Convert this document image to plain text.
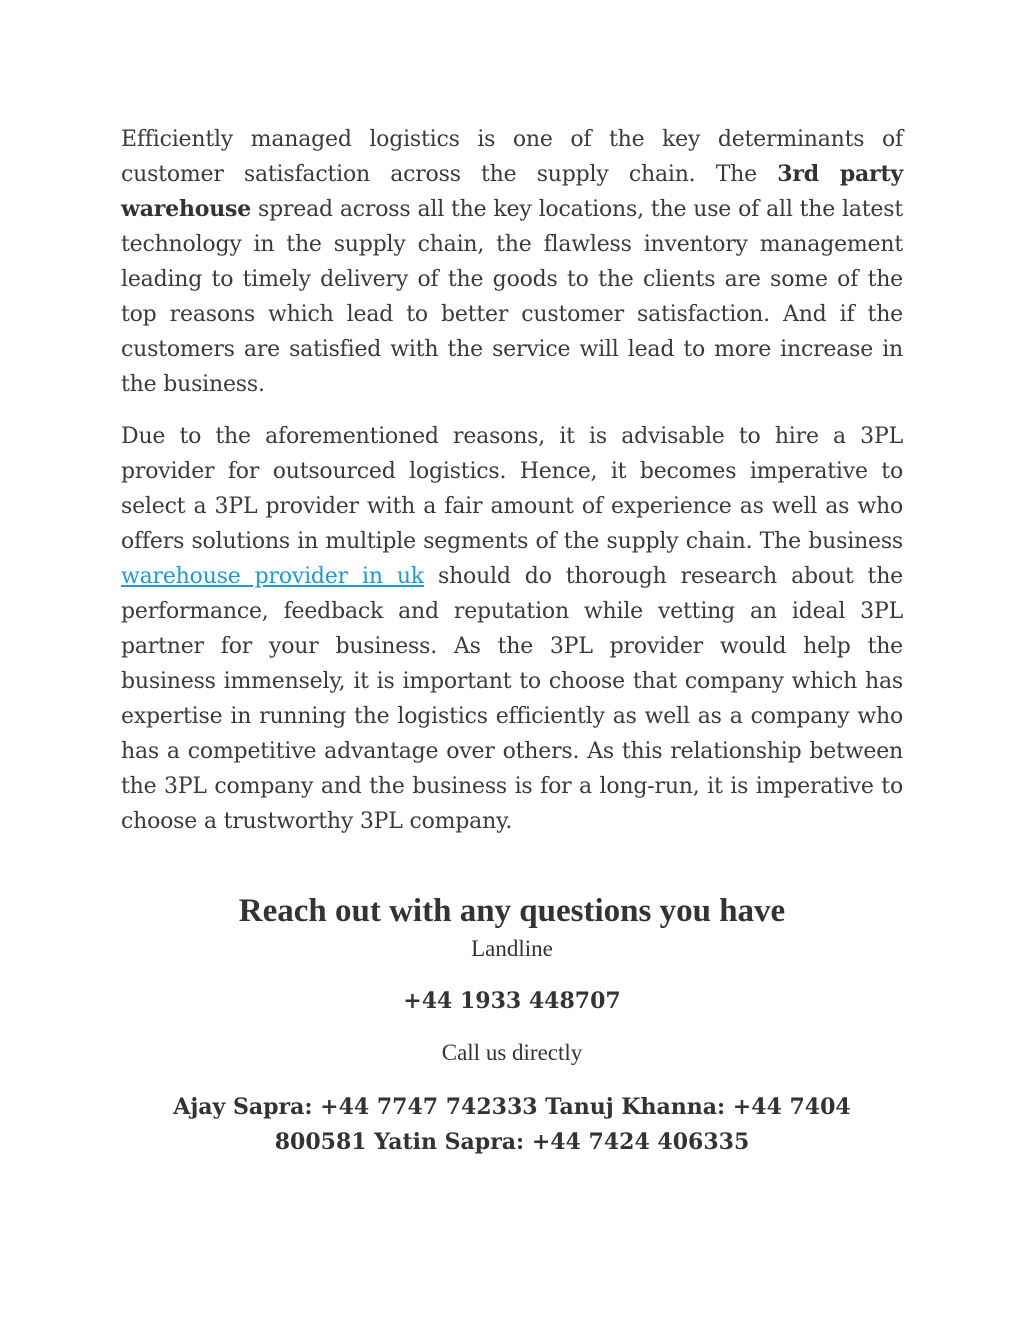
Efficiently managed logistics is one of the key determinants of customer satisfaction across the supply chain. The 3rd party warehouse spread across all the key locations, the use of all the latest technology in the supply chain, the flawless inventory management leading to timely delivery of the goods to the clients are some of the top reasons which lead to better customer satisfaction. And if the customers are satisfied with the service will lead to more increase in the business.

Due to the aforementioned reasons, it is advisable to hire a 3PL provider for outsourced logistics. Hence, it becomes imperative to select a 3PL provider with a fair amount of experience as well as who offers solutions in multiple segments of the supply chain. The business warehouse provider in uk should do thorough research about the performance, feedback and reputation while vetting an ideal 3PL partner for your business. As the 3PL provider would help the business immensely, it is important to choose that company which has expertise in running the logistics efficiently as well as a company who has a competitive advantage over others. As this relationship between the 3PL company and the business is for a long-run, it is imperative to choose a trustworthy 3PL company.

Reach out with any questions you have

Landline

+44 1933 448707

Call us directly

Ajay Sapra: +44 7747 742333 Tanuj Khanna: +44 7404 800581 Yatin Sapra: +44 7424 406335
